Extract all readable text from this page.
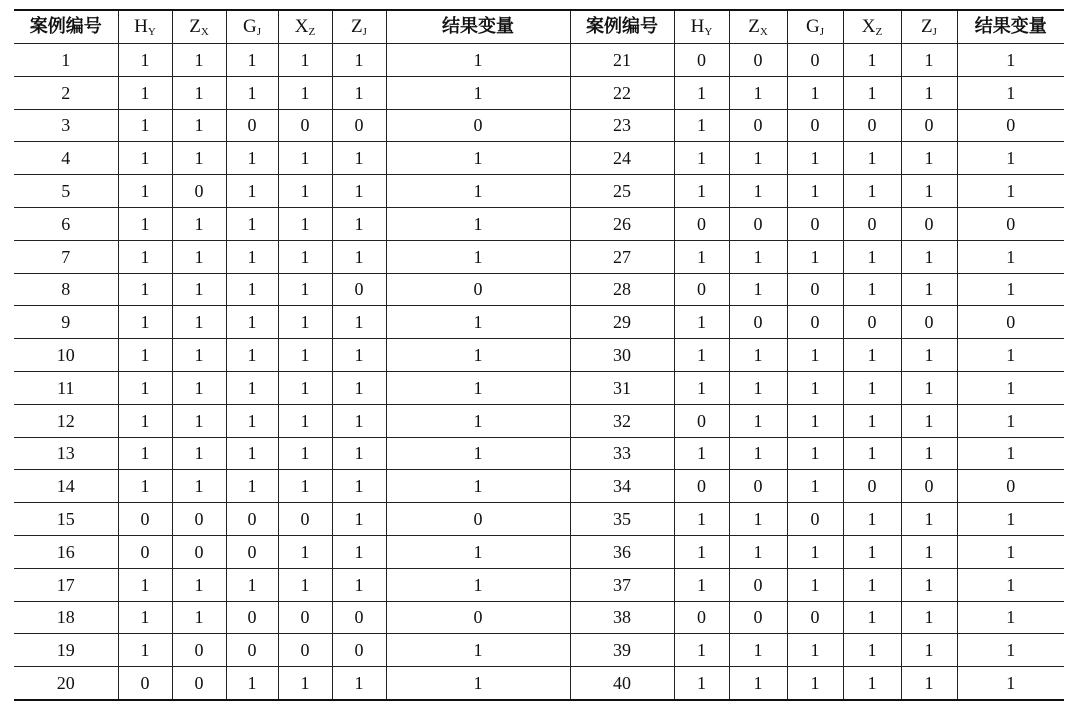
案例编号	$H_Y$	$Z_X$	$G_J$	$X_Z$	$Z_J$	结果变量	案例编号	$H_Y$	$Z_X$	$G_J$	$X_Z$	$Z_J$	结果变量
1	1	1	1	1	1	1	21	0	0	0	1	1	1
2	1	1	1	1	1	1	22	1	1	1	1	1	1
3	1	1	0	0	0	0	23	1	0	0	0	0	0
4	1	1	1	1	1	1	24	1	1	1	1	1	1
5	1	0	1	1	1	1	25	1	1	1	1	1	1
6	1	1	1	1	1	1	26	0	0	0	0	0	0
7	1	1	1	1	1	1	27	1	1	1	1	1	1
8	1	1	1	1	0	0	28	0	1	0	1	1	1
9	1	1	1	1	1	1	29	1	0	0	0	0	0
10	1	1	1	1	1	1	30	1	1	1	1	1	1
11	1	1	1	1	1	1	31	1	1	1	1	1	1
12	1	1	1	1	1	1	32	0	1	1	1	1	1
13	1	1	1	1	1	1	33	1	1	1	1	1	1
14	1	1	1	1	1	1	34	0	0	1	0	0	0
15	0	0	0	0	1	0	35	1	1	0	1	1	1
16	0	0	0	1	1	1	36	1	1	1	1	1	1
17	1	1	1	1	1	1	37	1	0	1	1	1	1
18	1	1	0	0	0	0	38	0	0	0	1	1	1
19	1	0	0	0	0	1	39	1	1	1	1	1	1
20	0	0	1	1	1	1	40	1	1	1	1	1	1
